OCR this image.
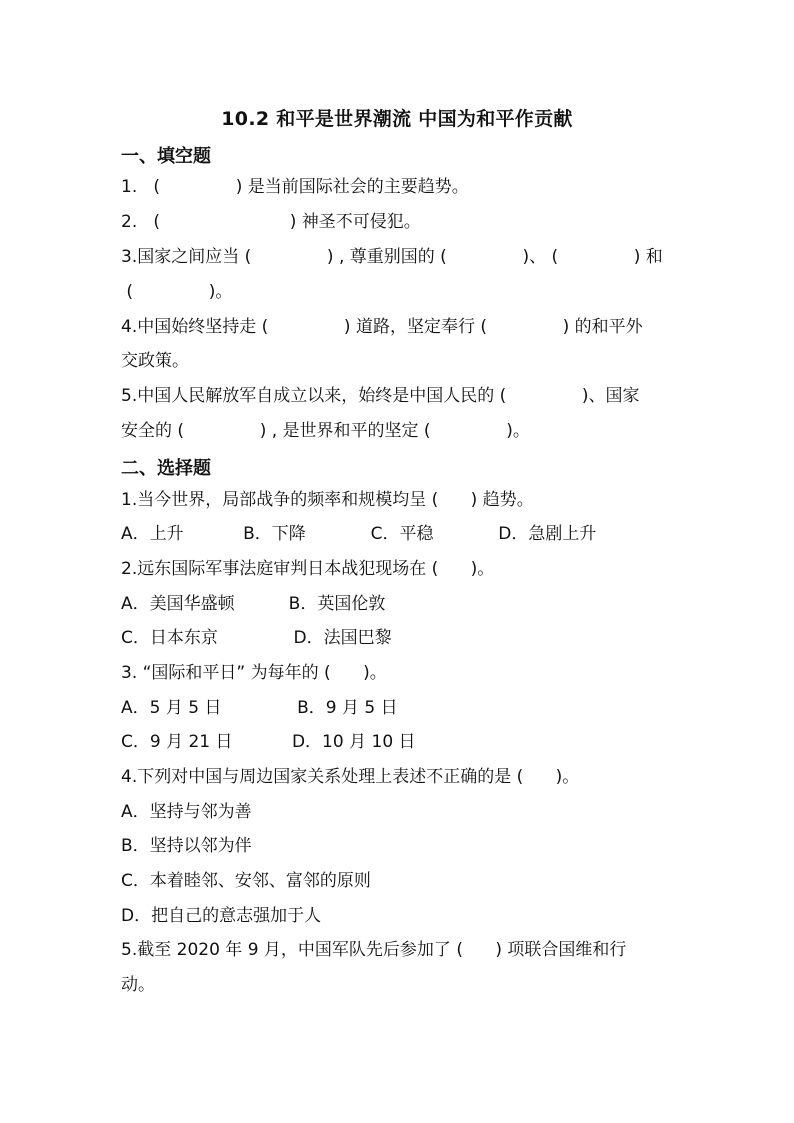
10.2 和平是世界潮流 中国为和平作贡献
一、填空题
1.   (              ) 是当前国际社会的主要趋势。
2.   (                        ) 神圣不可侵犯。
3.国家之间应当 (              ) , 尊重别国的 (              )、 (              ) 和
(              )。
4.中国始终坚持走 (              ) 道路，坚定奉行 (              ) 的和平外
交政策。
5.中国人民解放军自成立以来，始终是中国人民的 (              )、国家
安全的 (              ) , 是世界和平的坚定 (              )。
二、选择题
1.当今世界，局部战争的频率和规模均呈 (      ) 趋势。
A．上升           B．下降            C．平稳            D．急剧上升
2.远东国际军事法庭审判日本战犯现场在 (      )。
A．美国华盛顿          B．英国伦敦
C．日本东京              D．法国巴黎
3. “国际和平日” 为每年的 (      )。
A．5 月 5 日              B．9 月 5 日
C．9 月 21 日           D．10 月 10 日
4.下列对中国与周边国家关系处理上表述不正确的是 (      )。
A．坚持与邻为善
B．坚持以邻为伴
C．本着睦邻、安邻、富邻的原则
D．把自己的意志强加于人
5.截至 2020 年 9 月，中国军队先后参加了 (      ) 项联合国维和行
动。
